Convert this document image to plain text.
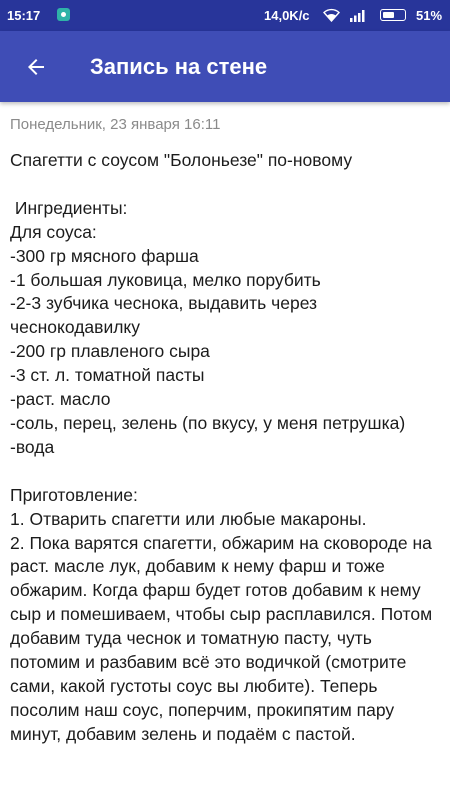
15:17	14,0K/c	51%
Запись на стене
Понедельник, 23 января 16:11
Спагетти с соусом "Болоньезе" по-новому

Ингредиенты:
Для соуса:
-300 гр мясного фарша
-1 большая луковица, мелко порубить
-2-3 зубчика чеснока, выдавить через чеснокодавилку
-200 гр плавленого сыра
-3 ст. л. томатной пасты
-раст. масло
-соль, перец, зелень (по вкусу, у меня петрушка)
-вода

Приготовление:
1. Отварить спагетти или любые макароны.
2. Пока варятся спагетти, обжарим на сковороде на раст. масле лук, добавим к нему фарш и тоже обжарим. Когда фарш будет готов добавим к нему сыр и помешиваем, чтобы сыр расплавился. Потом добавим туда чеснок и томатную пасту, чуть потомим и разбавим всё это водичкой (смотрите сами, какой густоты соус вы любите). Теперь посолим наш соус, поперчим, прокипятим пару минут, добавим зелень и подаём с пастой.
